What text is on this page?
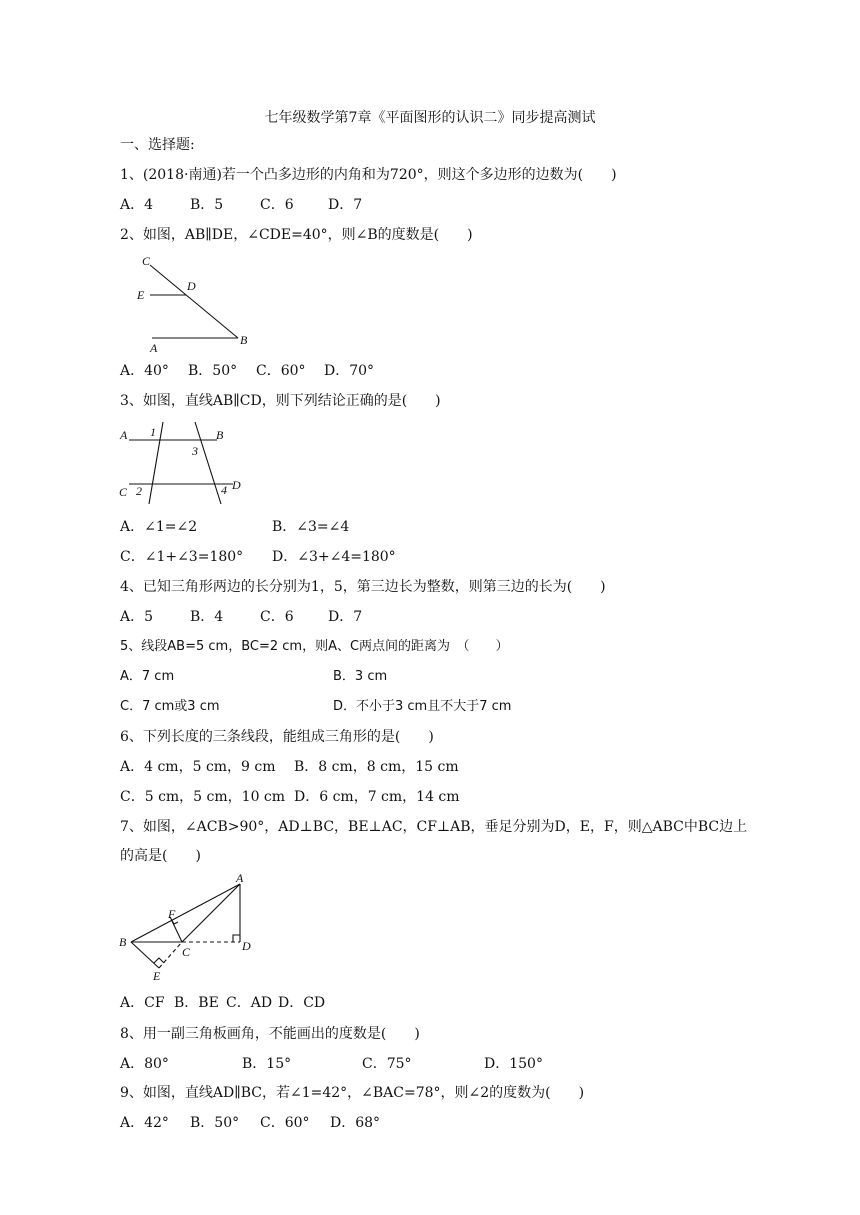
七年级数学第7章《平面图形的认识二》同步提高测试
一、选择题:
1、(2018·南通)若一个凸多边形的内角和为720°，则这个多边形的边数为(　　)
A．4	B．5	C．6 D．7
2、如图，AB∥DE，∠CDE=40°，则∠B的度数是(　　)
C
E
D
A
B
A．40° B．50° C．60° D．70°
3、如图，直线AB∥CD，则下列结论正确的是(　　)
A 1	B
3
C 2	4 D
A．∠1=∠2	B．∠3=∠4
C．∠1+∠3=180° D．∠3+∠4=180°
4、已知三角形两边的长分别为1，5，第三边长为整数，则第三边的长为(　　)
A．5	B．4	C．6 D．7
5、线段AB=5 cm，BC=2 cm，则A、C两点间的距离为　（　　）
A．7 cm	B．3 cm
C．7 cm或3 cm	D．不小于3 cm且不大于7 cm
6、下列长度的三条线段，能组成三角形的是(　　)
A．4 cm，5 cm，9 cm B．8 cm，8 cm，15 cm
C．5 cm，5 cm，10 cm D．6 cm，7 cm，14 cm
7、如图，∠ACB>90°，AD⊥BC，BE⊥AC，CF⊥AB，垂足分别为D，E，F，则△ABC中BC边上
的高是(　　)
A
F
B
C	D
E
A．CF B．BE C．AD D．CD
8、用一副三角板画角，不能画出的度数是(　　)
A．80°	B．15°	C．75°	D．150°
9、如图，直线AD∥BC，若∠1=42°，∠BAC=78°，则∠2的度数为(　　)
A．42° B．50° C．60° D．68°
